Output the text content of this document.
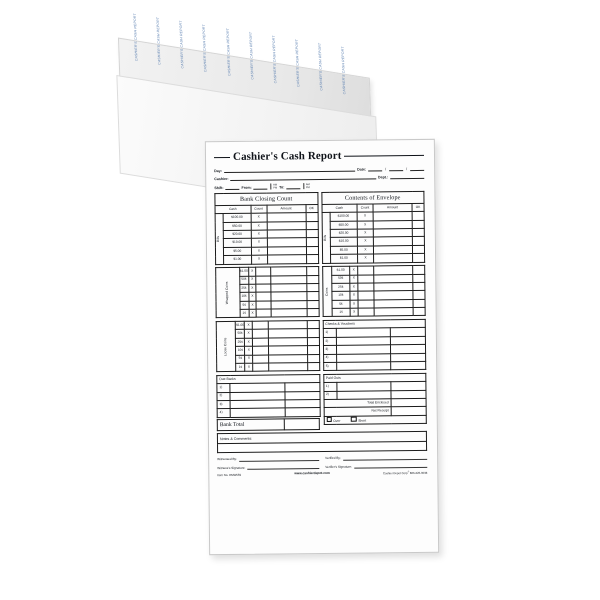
CASHIER'S CASH REPORT	CASHIER'S CASH REPORT	CASHIER'S CASH REPORT	CASHIER'S CASH REPORT	CASHIER'S CASH REPORT	CASHIER'S CASH REPORT	CASHIER'S CASH REPORT	CASHIER'S CASH REPORT	CASHIER'S CASH REPORT	CASHIER'S CASH REPORT
Cashier's Cash Report
Day:	Date:	/	/
Cashier:	Dept.:
Shift:	From:
AM
PM To:
AM
PM
Bank Closing Count				
Cash		Count	Amount	OK
Bills	$100.00	X		
	$50.00	X		
	$20.00	X		
	$10.00	X		
	$5.00	X		
	$1.00	X		
Wrapped Coins	$1.00	X			
	50¢	X			
	25¢	X			
	10¢	X			
	5¢	X			
	1¢	X			
Loose Coins	$1.00	X			
	50¢	X			
	25¢	X			
	10¢	X			
	5¢	X			
	1¢	X			
Contents of Envelope				
Cash		Count	Amount	OK
Bills	$100.00	X		
	$50.00	X		
	$20.00	X		
	$10.00	X		
	$5.00	X		
	$1.00	X		
Coins	$1.00	X			
	50¢	X			
	25¢	X			
	10¢	X			
	5¢	X			
	1¢	X			
Checks & Vouchers		
1)		
2)		
3)		
4)		
5)		
Due Backs		
1)		
2)		
3)		
4)		
Paid Outs		
1)		
2)		
Total Enclosed		
Net Receipt		
Over Short		
Bank Total	
Notes & Comments:

Witnessed By:	Verified By:
Witness's Signature:	Verifier's Signature:
Item No. HMW659	www.cashierdepot.com	Cashier Depot Corp® 866-226-6033
